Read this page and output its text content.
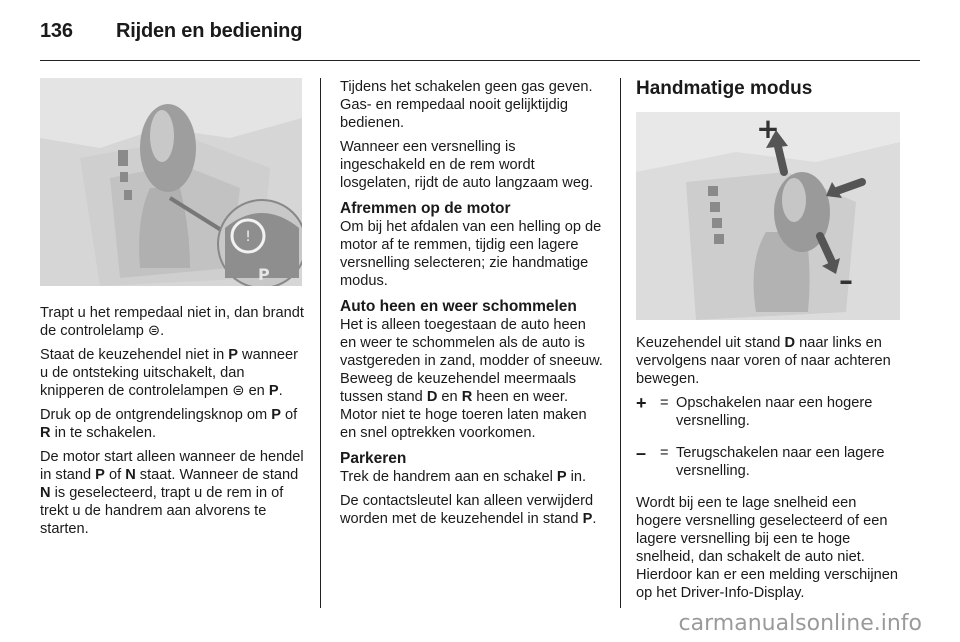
136 Rijden en bediening
!
P

Trapt u het rempedaal niet in, dan brandt de controlelamp ⊜.

Staat de keuzehendel niet in P wanneer u de ontsteking uitschakelt, dan knipperen de controlelampen ⊜ en P.

Druk op de ontgrendelingsknop om P of R in te schakelen.

De motor start alleen wanneer de hendel in stand P of N staat. Wanneer de stand N is geselecteerd, trapt u de rem in of trekt u de handrem aan alvorens te starten.

Tijdens het schakelen geen gas geven. Gas- en rempedaal nooit gelijktijdig bedienen.

Wanneer een versnelling is ingeschakeld en de rem wordt losgelaten, rijdt de auto langzaam weg.

Afremmen op de motor

Om bij het afdalen van een helling op de motor af te remmen, tijdig een lagere versnelling selecteren; zie handmatige modus.

Auto heen en weer schommelen

Het is alleen toegestaan de auto heen en weer te schommelen als de auto is vastgereden in zand, modder of sneeuw. Beweeg de keuzehendel meermaals tussen stand D en R heen en weer. Motor niet te hoge toeren laten maken en snel optrekken voorkomen.

Parkeren

Trek de handrem aan en schakel P in.

De contactsleutel kan alleen verwijderd worden met de keuzehendel in stand P.

Handmatige modus
+
–

Keuzehendel uit stand D naar links en vervolgens naar voren of naar achteren bewegen.

+ = Opschakelen naar een hogere versnelling.
– = Terugschakelen naar een lagere versnelling.

Wordt bij een te lage snelheid een hogere versnelling geselecteerd of een lagere versnelling bij een te hoge snelheid, dan schakelt de auto niet. Hierdoor kan er een melding verschijnen op het Driver-Info-Display.

carmanualsonline.info
